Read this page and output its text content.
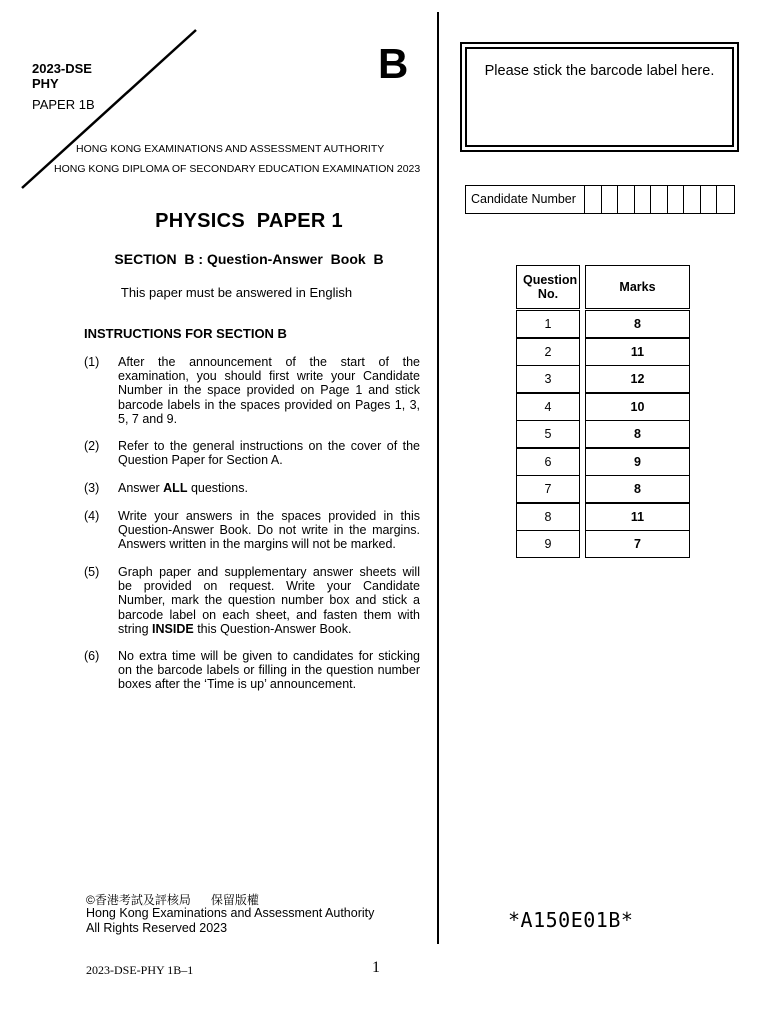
2023-DSE
PHY
PAPER 1B
B
HONG KONG EXAMINATIONS AND ASSESSMENT AUTHORITY
HONG KONG DIPLOMA OF SECONDARY EDUCATION EXAMINATION 2023
PHYSICS  PAPER 1
SECTION  B : Question-Answer  Book  B
This paper must be answered in English
INSTRUCTIONS FOR SECTION B
(1) After the announcement of the start of the examination, you should first write your Candidate Number in the space provided on Page 1 and stick barcode labels in the spaces provided on Pages 1, 3, 5, 7 and 9.
(2) Refer to the general instructions on the cover of the Question Paper for Section A.
(3) Answer ALL questions.
(4) Write your answers in the spaces provided in this Question-Answer Book. Do not write in the margins. Answers written in the margins will not be marked.
(5) Graph paper and supplementary answer sheets will be provided on request. Write your Candidate Number, mark the question number box and stick a barcode label on each sheet, and fasten them with string INSIDE this Question-Answer Book.
(6) No extra time will be given to candidates for sticking on the barcode labels or filling in the question number boxes after the ‘Time is up’ announcement.
©香港考試及評核局      保留版權
Hong Kong Examinations and Assessment Authority
All Rights Reserved 2023
2023-DSE-PHY 1B–1	1
Please stick the barcode label here.
Candidate Number
Question No.	Marks
1	8
2	11
3	12
4	10
5	8
6	9
7	8
8	11
9	7
*A150E01B*
